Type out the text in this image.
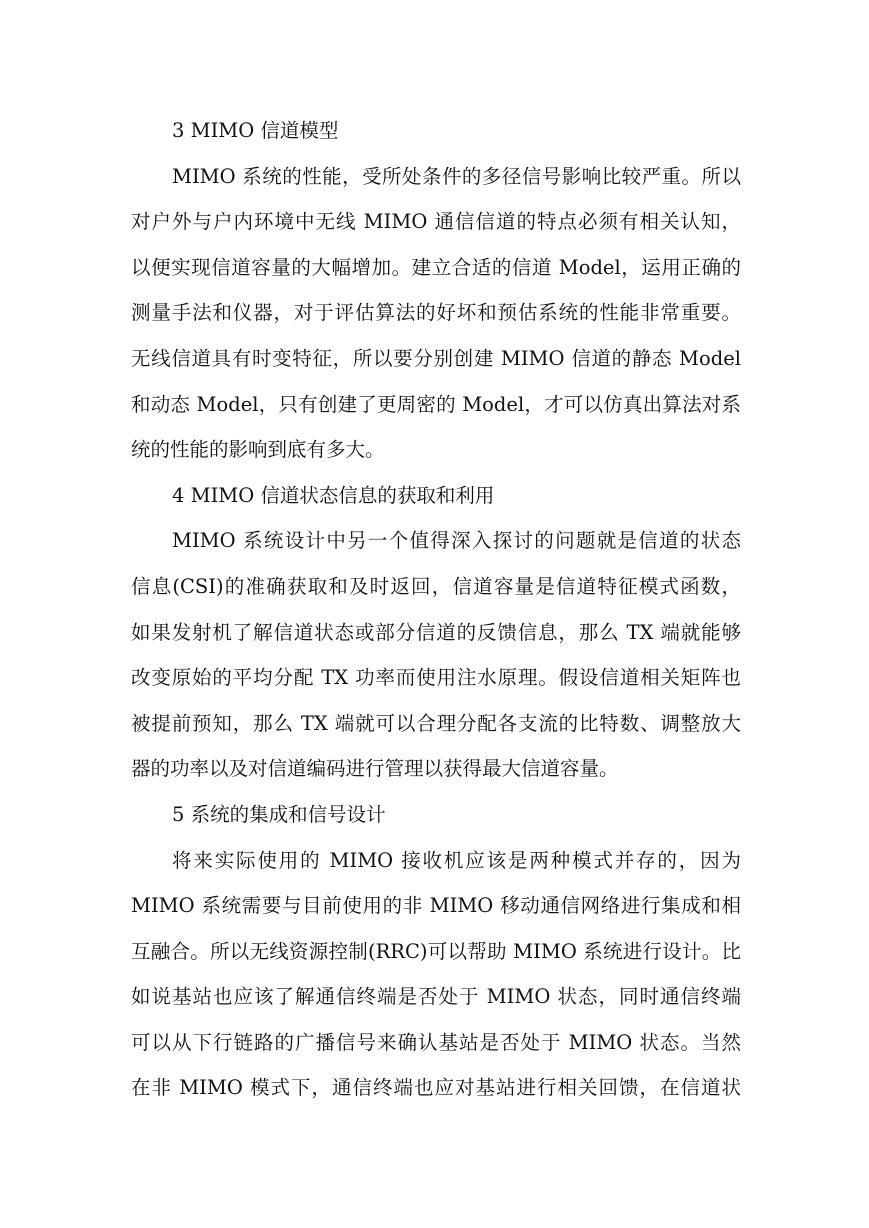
3 MIMO 信道模型
MIMO 系统的性能，受所处条件的多径信号影响比较严重。所以
对户外与户内环境中无线 MIMO 通信信道的特点必须有相关认知，
以便实现信道容量的大幅增加。建立合适的信道 Model，运用正确的
测量手法和仪器，对于评估算法的好坏和预估系统的性能非常重要。
无线信道具有时变特征，所以要分别创建 MIMO 信道的静态 Model
和动态 Model，只有创建了更周密的 Model，才可以仿真出算法对系
统的性能的影响到底有多大。
4 MIMO 信道状态信息的获取和利用
MIMO 系统设计中另一个值得深入探讨的问题就是信道的状态
信息(CSI)的准确获取和及时返回，信道容量是信道特征模式函数，
如果发射机了解信道状态或部分信道的反馈信息，那么 TX 端就能够
改变原始的平均分配 TX 功率而使用注水原理。假设信道相关矩阵也
被提前预知，那么 TX 端就可以合理分配各支流的比特数、调整放大
器的功率以及对信道编码进行管理以获得最大信道容量。
5 系统的集成和信号设计
将来实际使用的 MIMO 接收机应该是两种模式并存的，因为
MIMO 系统需要与目前使用的非 MIMO 移动通信网络进行集成和相
互融合。所以无线资源控制(RRC)可以帮助 MIMO 系统进行设计。比
如说基站也应该了解通信终端是否处于 MIMO 状态，同时通信终端
可以从下行链路的广播信号来确认基站是否处于 MIMO 状态。当然
在非 MIMO 模式下，通信终端也应对基站进行相关回馈，在信道状
